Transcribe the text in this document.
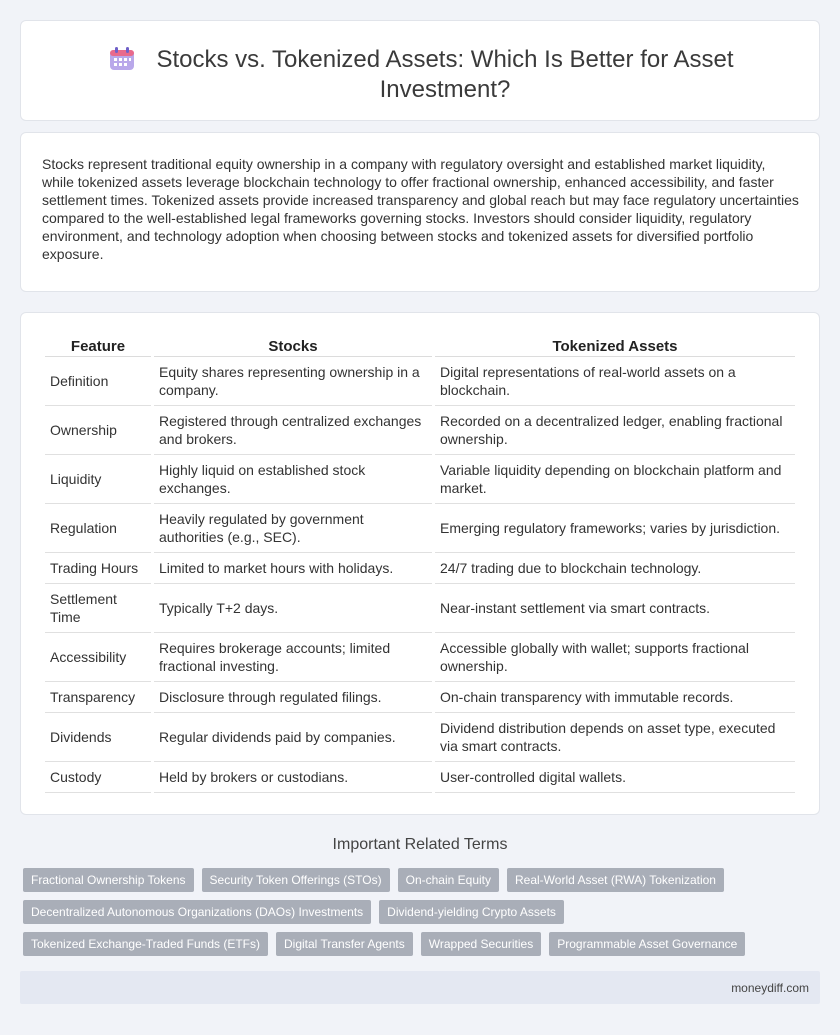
Stocks vs. Tokenized Assets: Which Is Better for Asset Investment?

Stocks represent traditional equity ownership in a company with regulatory oversight and established market liquidity, while tokenized assets leverage blockchain technology to offer fractional ownership, enhanced accessibility, and faster settlement times. Tokenized assets provide increased transparency and global reach but may face regulatory uncertainties compared to the well-established legal frameworks governing stocks. Investors should consider liquidity, regulatory environment, and technology adoption when choosing between stocks and tokenized assets for diversified portfolio exposure.

Feature	Stocks	Tokenized Assets
Definition	Equity shares representing ownership in a company.	Digital representations of real-world assets on a blockchain.
Ownership	Registered through centralized exchanges and brokers.	Recorded on a decentralized ledger, enabling fractional ownership.
Liquidity	Highly liquid on established stock exchanges.	Variable liquidity depending on blockchain platform and market.
Regulation	Heavily regulated by government authorities (e.g., SEC).	Emerging regulatory frameworks; varies by jurisdiction.
Trading Hours	Limited to market hours with holidays.	24/7 trading due to blockchain technology.
Settlement Time	Typically T+2 days.	Near-instant settlement via smart contracts.
Accessibility	Requires brokerage accounts; limited fractional investing.	Accessible globally with wallet; supports fractional ownership.
Transparency	Disclosure through regulated filings.	On-chain transparency with immutable records.
Dividends	Regular dividends paid by companies.	Dividend distribution depends on asset type, executed via smart contracts.
Custody	Held by brokers or custodians.	User-controlled digital wallets.
Important Related Terms
Fractional Ownership Tokens	Security Token Offerings (STOs)	On-chain Equity	Real-World Asset (RWA) Tokenization
Decentralized Autonomous Organizations (DAOs) Investments	Dividend-yielding Crypto Assets
Tokenized Exchange-Traded Funds (ETFs)	Digital Transfer Agents	Wrapped Securities	Programmable Asset Governance
moneydiff.com
